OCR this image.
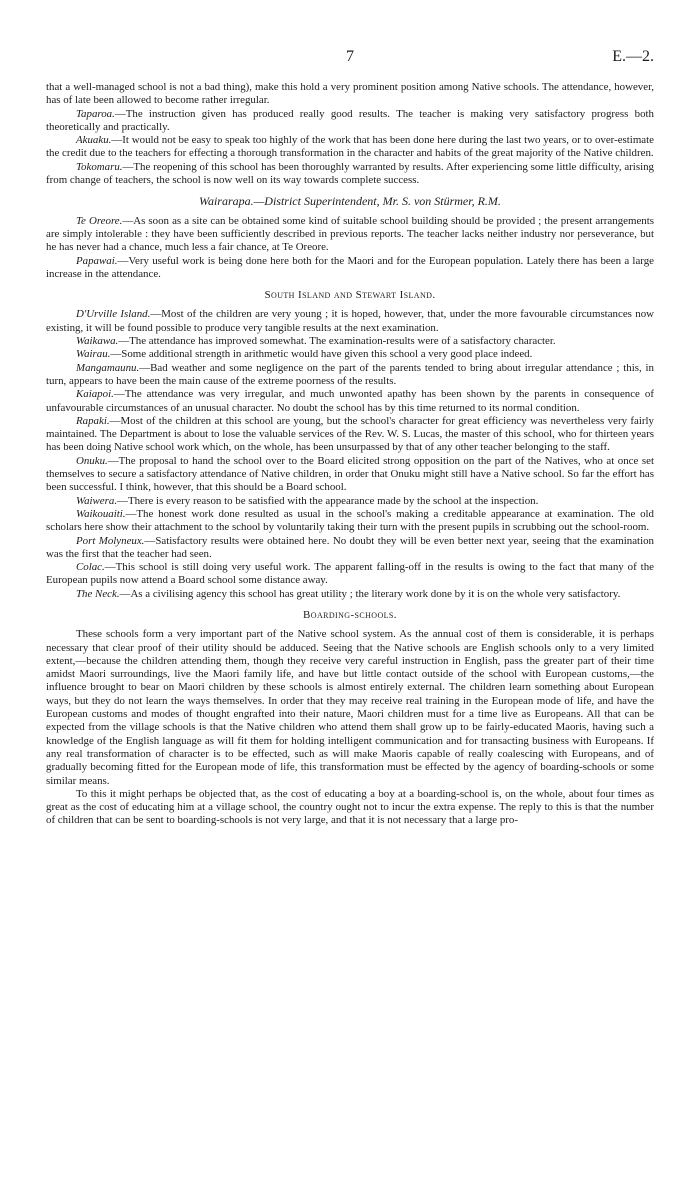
7	E.—2.

that a well-managed school is not a bad thing), make this hold a very prominent position among Native schools. The attendance, however, has of late been allowed to become rather irregular.

Taparoa.—The instruction given has produced really good results. The teacher is making very satisfactory progress both theoretically and practically.

Akuaku.—It would not be easy to speak too highly of the work that has been done here during the last two years, or to over-estimate the credit due to the teachers for effecting a thorough transformation in the character and habits of the great majority of the Native children.

Tokomaru.—The reopening of this school has been thoroughly warranted by results. After experiencing some little difficulty, arising from change of teachers, the school is now well on its way towards complete success.

Wairarapa.—District Superintendent, Mr. S. von Stürmer, R.M.

Te Oreore.—As soon as a site can be obtained some kind of suitable school building should be provided ; the present arrangements are simply intolerable : they have been sufficiently described in previous reports. The teacher lacks neither industry nor perseverance, but he has never had a chance, much less a fair chance, at Te Oreore.

Papawai.—Very useful work is being done here both for the Maori and for the European population. Lately there has been a large increase in the attendance.

South Island and Stewart Island.

D'Urville Island.—Most of the children are very young ; it is hoped, however, that, under the more favourable circumstances now existing, it will be found possible to produce very tangible results at the next examination.

Waikawa.—The attendance has improved somewhat. The examination-results were of a satisfactory character.

Wairau.—Some additional strength in arithmetic would have given this school a very good place indeed.

Mangamaunu.—Bad weather and some negligence on the part of the parents tended to bring about irregular attendance ; this, in turn, appears to have been the main cause of the extreme poorness of the results.

Kaiapoi.—The attendance was very irregular, and much unwonted apathy has been shown by the parents in consequence of unfavourable circumstances of an unusual character. No doubt the school has by this time returned to its normal condition.

Rapaki.—Most of the children at this school are young, but the school's character for great efficiency was nevertheless very fairly maintained. The Department is about to lose the valuable services of the Rev. W. S. Lucas, the master of this school, who for thirteen years has been doing Native school work which, on the whole, has been unsurpassed by that of any other teacher belonging to the staff.

Onuku.—The proposal to hand the school over to the Board elicited strong opposition on the part of the Natives, who at once set themselves to secure a satisfactory attendance of Native children, in order that Onuku might still have a Native school. So far the effort has been successful. I think, however, that this should be a Board school.

Waiwera.—There is every reason to be satisfied with the appearance made by the school at the inspection.

Waikouaiti.—The honest work done resulted as usual in the school's making a creditable appearance at examination. The old scholars here show their attachment to the school by voluntarily taking their turn with the present pupils in scrubbing out the school-room.

Port Molyneux.—Satisfactory results were obtained here. No doubt they will be even better next year, seeing that the examination was the first that the teacher had seen.

Colac.—This school is still doing very useful work. The apparent falling-off in the results is owing to the fact that many of the European pupils now attend a Board school some distance away.

The Neck.—As a civilising agency this school has great utility ; the literary work done by it is on the whole very satisfactory.

Boarding-schools.

These schools form a very important part of the Native school system. As the annual cost of them is considerable, it is perhaps necessary that clear proof of their utility should be adduced. Seeing that the Native schools are English schools only to a very limited extent,—because the children attending them, though they receive very careful instruction in English, pass the greater part of their time amidst Maori surroundings, live the Maori family life, and have but little contact outside of the school with European customs,—the influence brought to bear on Maori children by these schools is almost entirely external. The children learn something about European ways, but they do not learn the ways themselves. In order that they may receive real training in the European mode of life, and have the European customs and modes of thought engrafted into their nature, Maori children must for a time live as Europeans. All that can be expected from the village schools is that the Native children who attend them shall grow up to be fairly-educated Maoris, having such a knowledge of the English language as will fit them for holding intelligent communication and for transacting business with Europeans. If any real transformation of character is to be effected, such as will make Maoris capable of really coalescing with Europeans, and of gradually becoming fitted for the European mode of life, this transformation must be effected by the agency of boarding-schools or some similar means.

To this it might perhaps be objected that, as the cost of educating a boy at a boarding-school is, on the whole, about four times as great as the cost of educating him at a village school, the country ought not to incur the extra expense. The reply to this is that the number of children that can be sent to boarding-schools is not very large, and that it is not necessary that a large pro-
